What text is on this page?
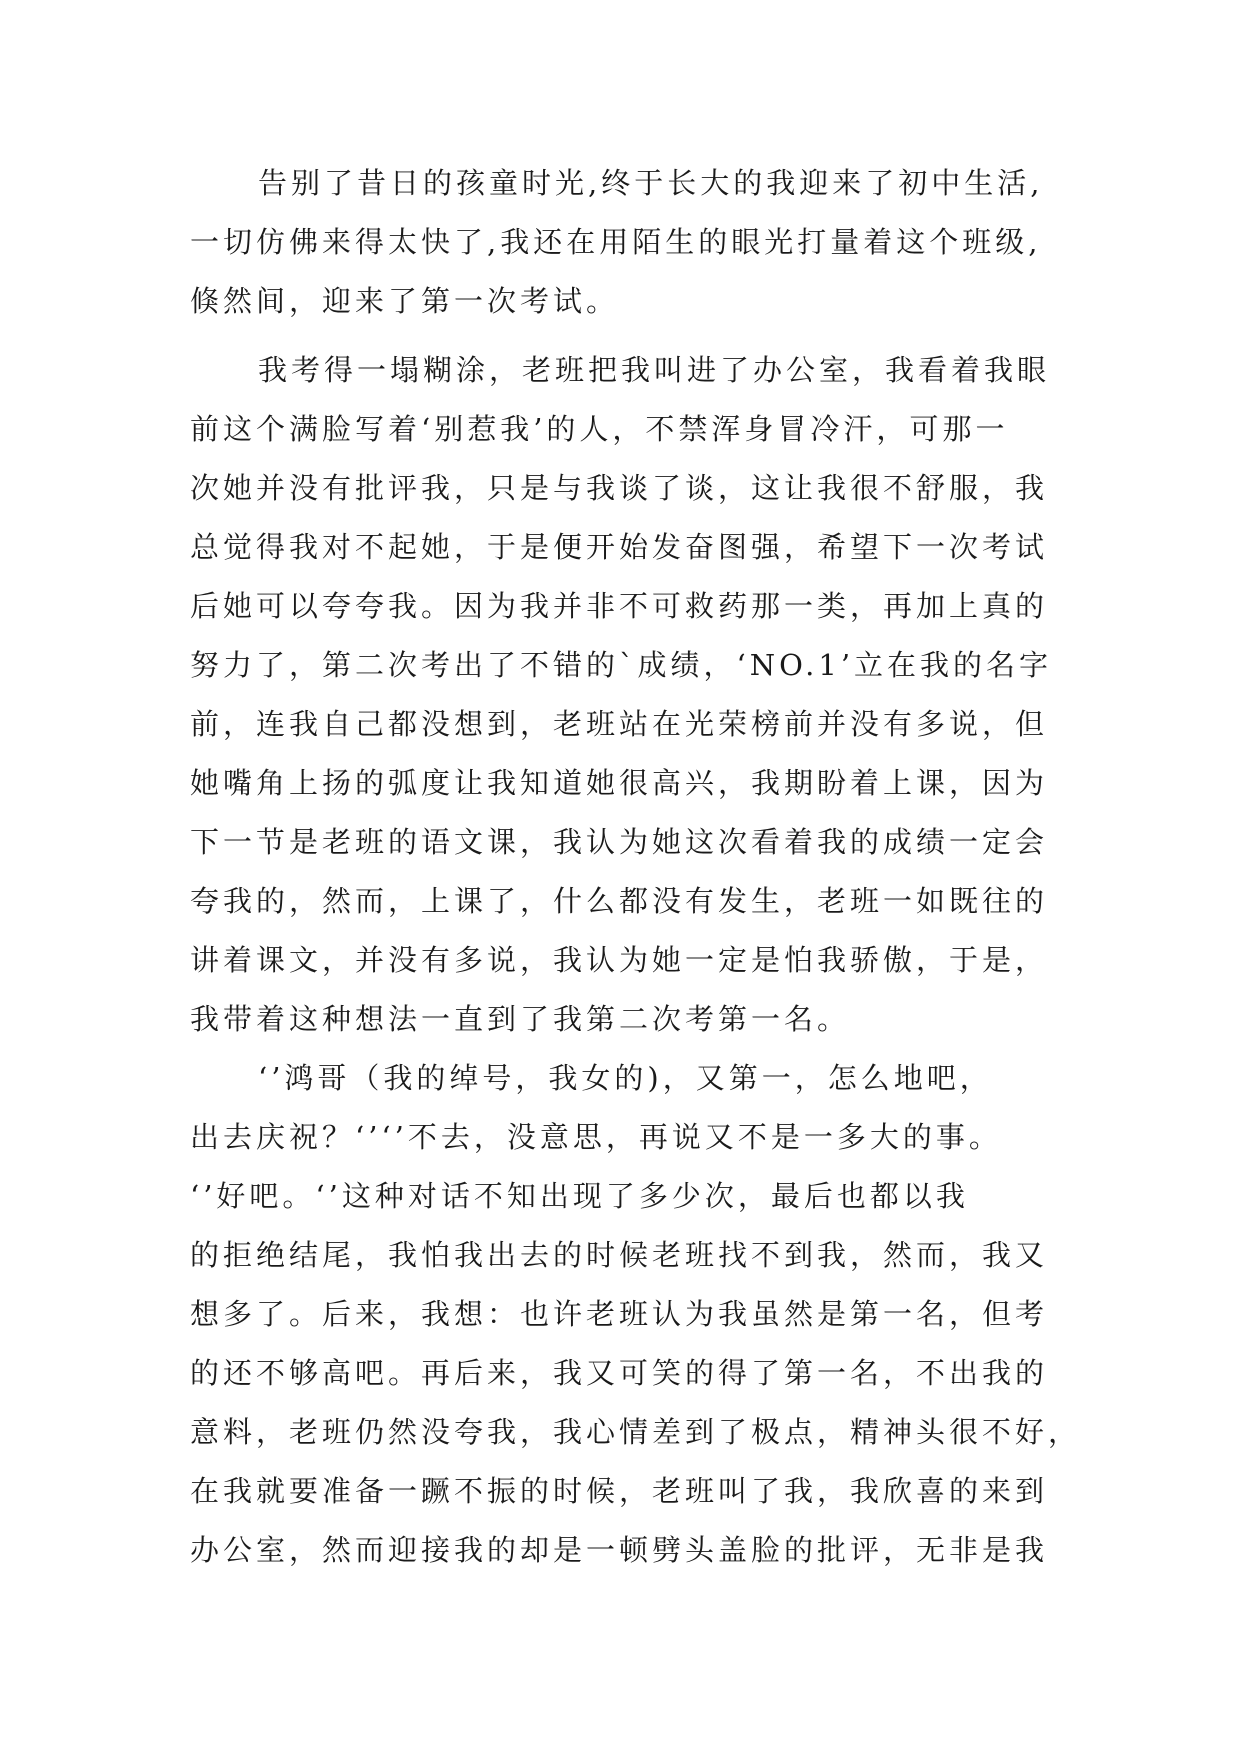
告别了昔日的孩童时光,终于长大的我迎来了初中生活,
一切仿佛来得太快了,我还在用陌生的眼光打量着这个班级,
倏然间，迎来了第一次考试。
我考得一塌糊涂，老班把我叫进了办公室，我看着我眼
前这个满脸写着‘别惹我’的人，不禁浑身冒冷汗，可那一
次她并没有批评我，只是与我谈了谈，这让我很不舒服，我
总觉得我对不起她，于是便开始发奋图强，希望下一次考试
后她可以夸夸我。因为我并非不可救药那一类，再加上真的
努力了，第二次考出了不错的`成绩，‘NO.1’立在我的名字
前，连我自己都没想到，老班站在光荣榜前并没有多说，但
她嘴角上扬的弧度让我知道她很高兴，我期盼着上课，因为
下一节是老班的语文课，我认为她这次看着我的成绩一定会
夸我的，然而，上课了，什么都没有发生，老班一如既往的
讲着课文，并没有多说，我认为她一定是怕我骄傲，于是，
我带着这种想法一直到了我第二次考第一名。
‘’鸿哥（我的绰号，我女的)，又第一，怎么地吧，
出去庆祝？‘’‘’不去，没意思，再说又不是一多大的事。
‘’好吧。‘’这种对话不知出现了多少次，最后也都以我
的拒绝结尾，我怕我出去的时候老班找不到我，然而，我又
想多了。后来，我想：也许老班认为我虽然是第一名，但考
的还不够高吧。再后来，我又可笑的得了第一名，不出我的
意料，老班仍然没夸我，我心情差到了极点，精神头很不好，
在我就要准备一蹶不振的时候，老班叫了我，我欣喜的来到
办公室，然而迎接我的却是一顿劈头盖脸的批评，无非是我
